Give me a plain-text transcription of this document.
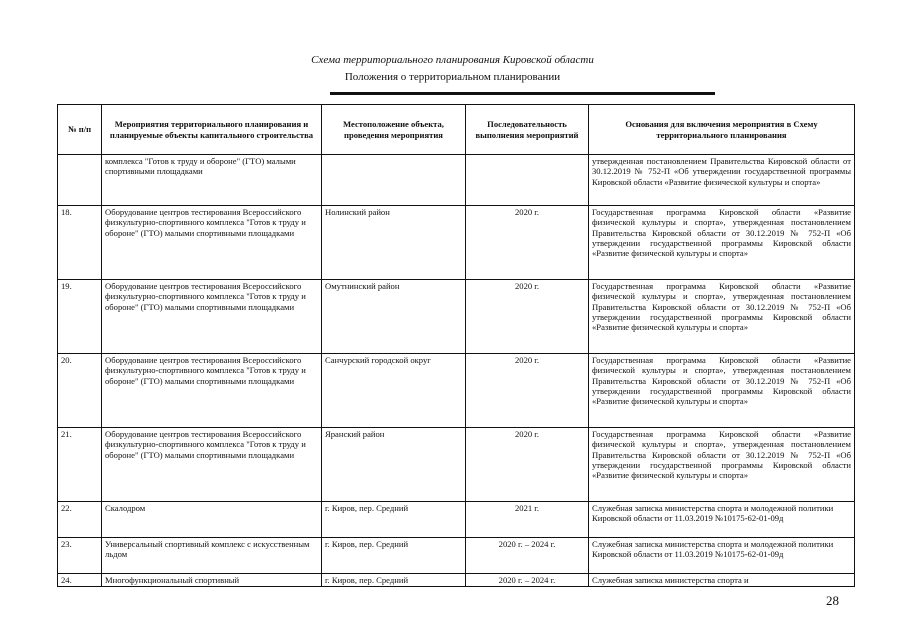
Схема территориального планирования Кировской области
Положения о территориальном планировании
№ п/п	Мероприятия территориального планирования и планируемые объекты капитального строительства	Местоположение объекта, проведения мероприятия	Последовательность выполнения мероприятий	Основания для включения мероприятия в Схему территориального планирования
	комплекса "Готов к труду и обороне" (ГТО) малыми спортивными площадками			утвержденная постановлением Правительства Кировской области от 30.12.2019 № 752-П «Об утверждении государственной программы Кировской области «Развитие физической культуры и спорта»
18.	Оборудование центров тестирования Всероссийского физкультурно-спортивного комплекса "Готов к труду и обороне" (ГТО) малыми спортивными площадками	Нолинский район	2020 г.	Государственная программа Кировской области «Развитие физической культуры и спорта», утвержденная постановлением Правительства Кировской области от 30.12.2019 № 752-П «Об утверждении государственной программы Кировской области «Развитие физической культуры и спорта»
19.	Оборудование центров тестирования Всероссийского физкультурно-спортивного комплекса "Готов к труду и обороне" (ГТО) малыми спортивными площадками	Омутнинский район	2020 г.	Государственная программа Кировской области «Развитие физической культуры и спорта», утвержденная постановлением Правительства Кировской области от 30.12.2019 № 752-П «Об утверждении государственной программы Кировской области «Развитие физической культуры и спорта»
20.	Оборудование центров тестирования Всероссийского физкультурно-спортивного комплекса "Готов к труду и обороне" (ГТО) малыми спортивными площадками	Санчурский городской округ	2020 г.	Государственная программа Кировской области «Развитие физической культуры и спорта», утвержденная постановлением Правительства Кировской области от 30.12.2019 № 752-П «Об утверждении государственной программы Кировской области «Развитие физической культуры и спорта»
21.	Оборудование центров тестирования Всероссийского физкультурно-спортивного комплекса "Готов к труду и обороне" (ГТО) малыми спортивными площадками	Яранский район	2020 г.	Государственная программа Кировской области «Развитие физической культуры и спорта», утвержденная постановлением Правительства Кировской области от 30.12.2019 № 752-П «Об утверждении государственной программы Кировской области «Развитие физической культуры и спорта»
22.	Скалодром	г. Киров, пер. Средний	2021 г.	Служебная записка министерства спорта и молодежной политики Кировской области от 11.03.2019 №10175-62-01-09д
23.	Универсальный спортивный комплекс с искусственным льдом	г. Киров, пер. Средний	2020 г. – 2024 г.	Служебная записка министерства спорта и молодежной политики Кировской области от 11.03.2019 №10175-62-01-09д
24.	Многофункциональный спортивный	г. Киров, пер. Средний	2020 г. – 2024 г.	Служебная записка министерства спорта и
28
